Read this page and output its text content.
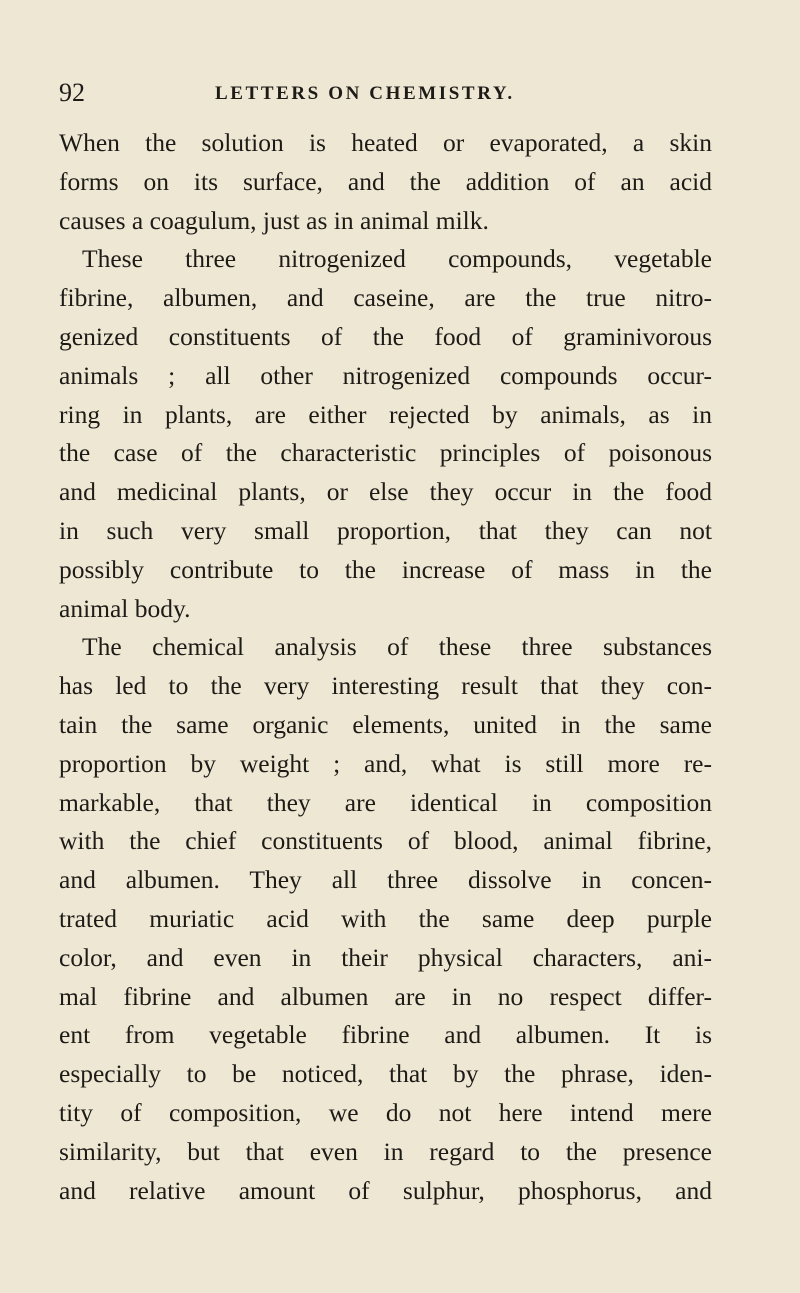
92	LETTERS ON CHEMISTRY.
When the solution is heated or evaporated, a skin
forms on its surface, and the addition of an acid
causes a coagulum, just as in animal milk.
These three nitrogenized compounds, vegetable
fibrine, albumen, and caseine, are the true nitro-
genized constituents of the food of graminivorous
animals ; all other nitrogenized compounds occur-
ring in plants, are either rejected by animals, as in
the case of the characteristic principles of poisonous
and medicinal plants, or else they occur in the food
in such very small proportion, that they can not
possibly contribute to the increase of mass in the
animal body.
The chemical analysis of these three substances
has led to the very interesting result that they con-
tain the same organic elements, united in the same
proportion by weight ; and, what is still more re-
markable, that they are identical in composition
with the chief constituents of blood, animal fibrine,
and albumen. They all three dissolve in concen-
trated muriatic acid with the same deep purple
color, and even in their physical characters, ani-
mal fibrine and albumen are in no respect differ-
ent from vegetable fibrine and albumen. It is
especially to be noticed, that by the phrase, iden-
tity of composition, we do not here intend mere
similarity, but that even in regard to the presence
and relative amount of sulphur, phosphorus, and
